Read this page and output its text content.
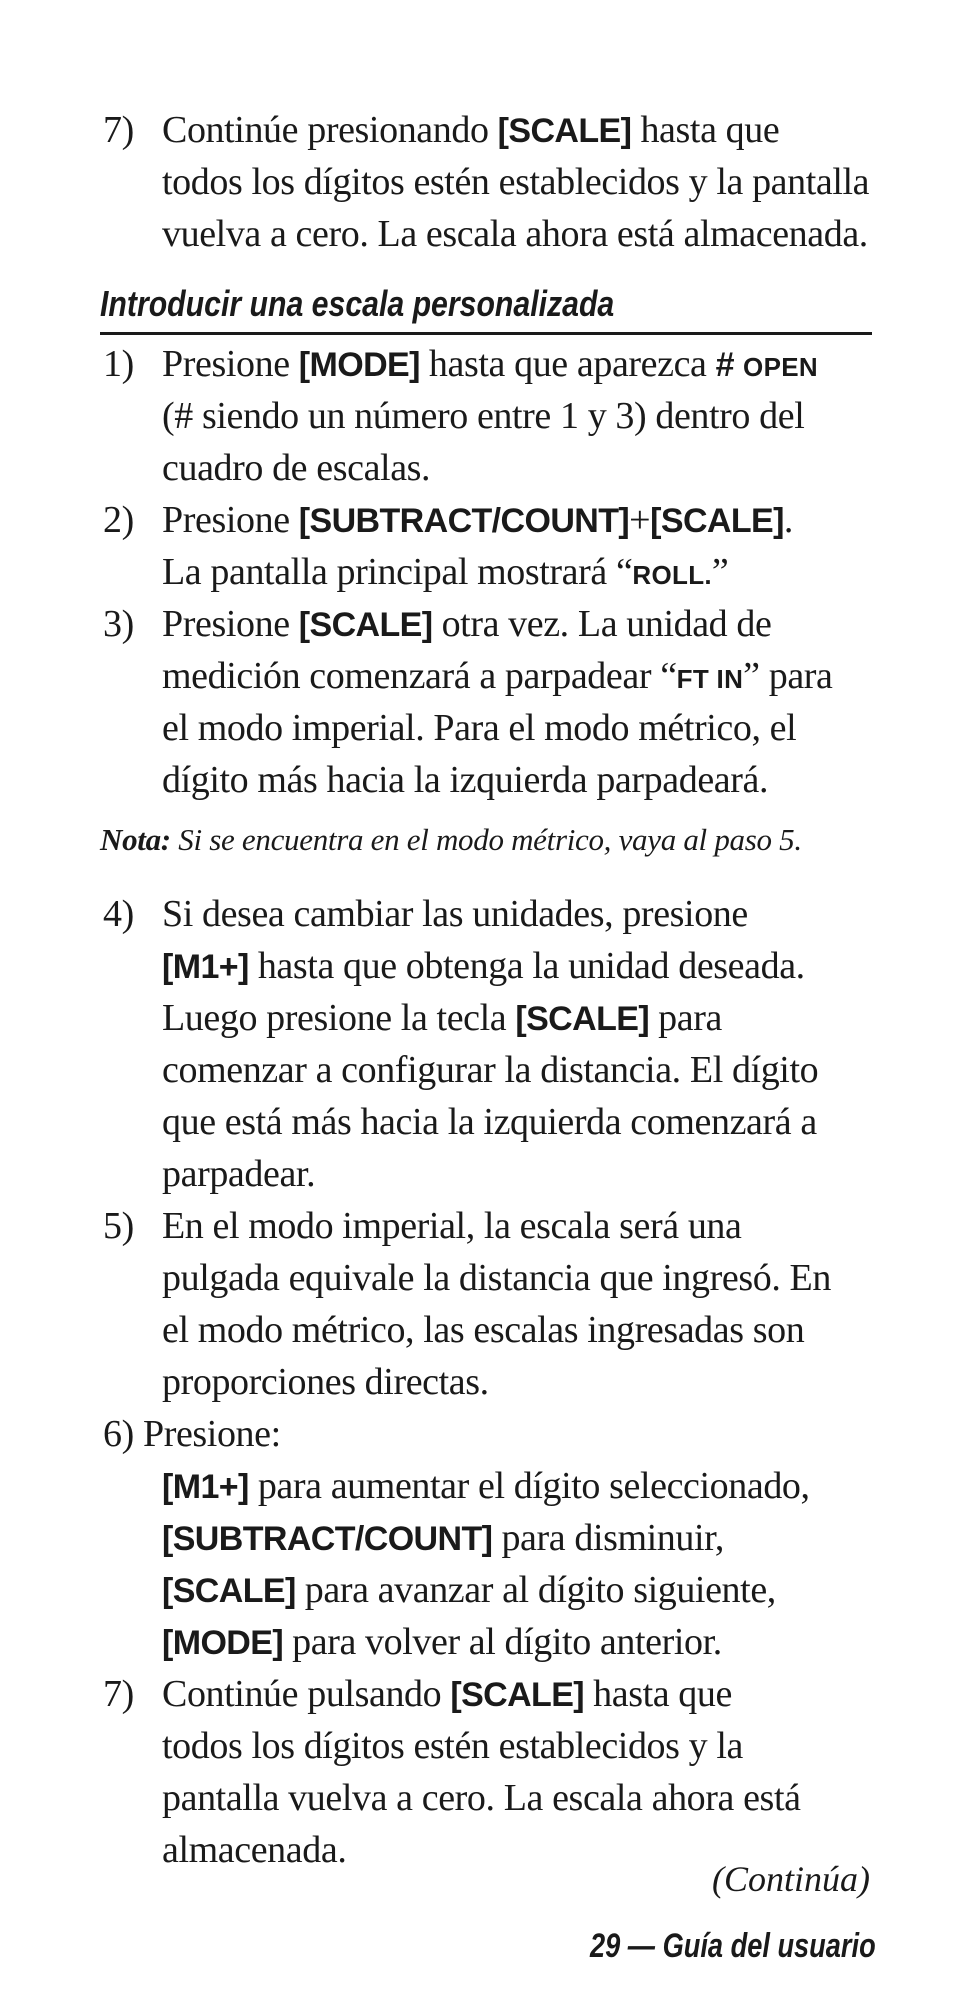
7) Continúe presionando [SCALE] hasta que
todos los dígitos estén establecidos y la pantalla
vuelva a cero. La escala ahora está almacenada.
Introducir una escala personalizada
1) Presione [MODE] hasta que aparezca # OPEN
(# siendo un número entre 1 y 3) dentro del
cuadro de escalas.
2) Presione [SUBTRACT/COUNT]+[SCALE].
La pantalla principal mostrará “ROLL.”
3) Presione [SCALE] otra vez. La unidad de
medición comenzará a parpadear “FT IN” para
el modo imperial. Para el modo métrico, el
dígito más hacia la izquierda parpadeará.
Nota: Si se encuentra en el modo métrico, vaya al paso 5.
4) Si desea cambiar las unidades, presione
[M1+] hasta que obtenga la unidad deseada.
Luego presione la tecla [SCALE] para
comenzar a configurar la distancia. El dígito
que está más hacia la izquierda comenzará a
parpadear.
5) En el modo imperial, la escala será una
pulgada equivale la distancia que ingresó. En
el modo métrico, las escalas ingresadas son
proporciones directas.
6) Presione:
[M1+] para aumentar el dígito seleccionado,
[SUBTRACT/COUNT] para disminuir,
[SCALE] para avanzar al dígito siguiente,
[MODE] para volver al dígito anterior.
7) Continúe pulsando [SCALE] hasta que
todos los dígitos estén establecidos y la
pantalla vuelva a cero. La escala ahora está
almacenada.
(Continúa)
29 — Guía del usuario
